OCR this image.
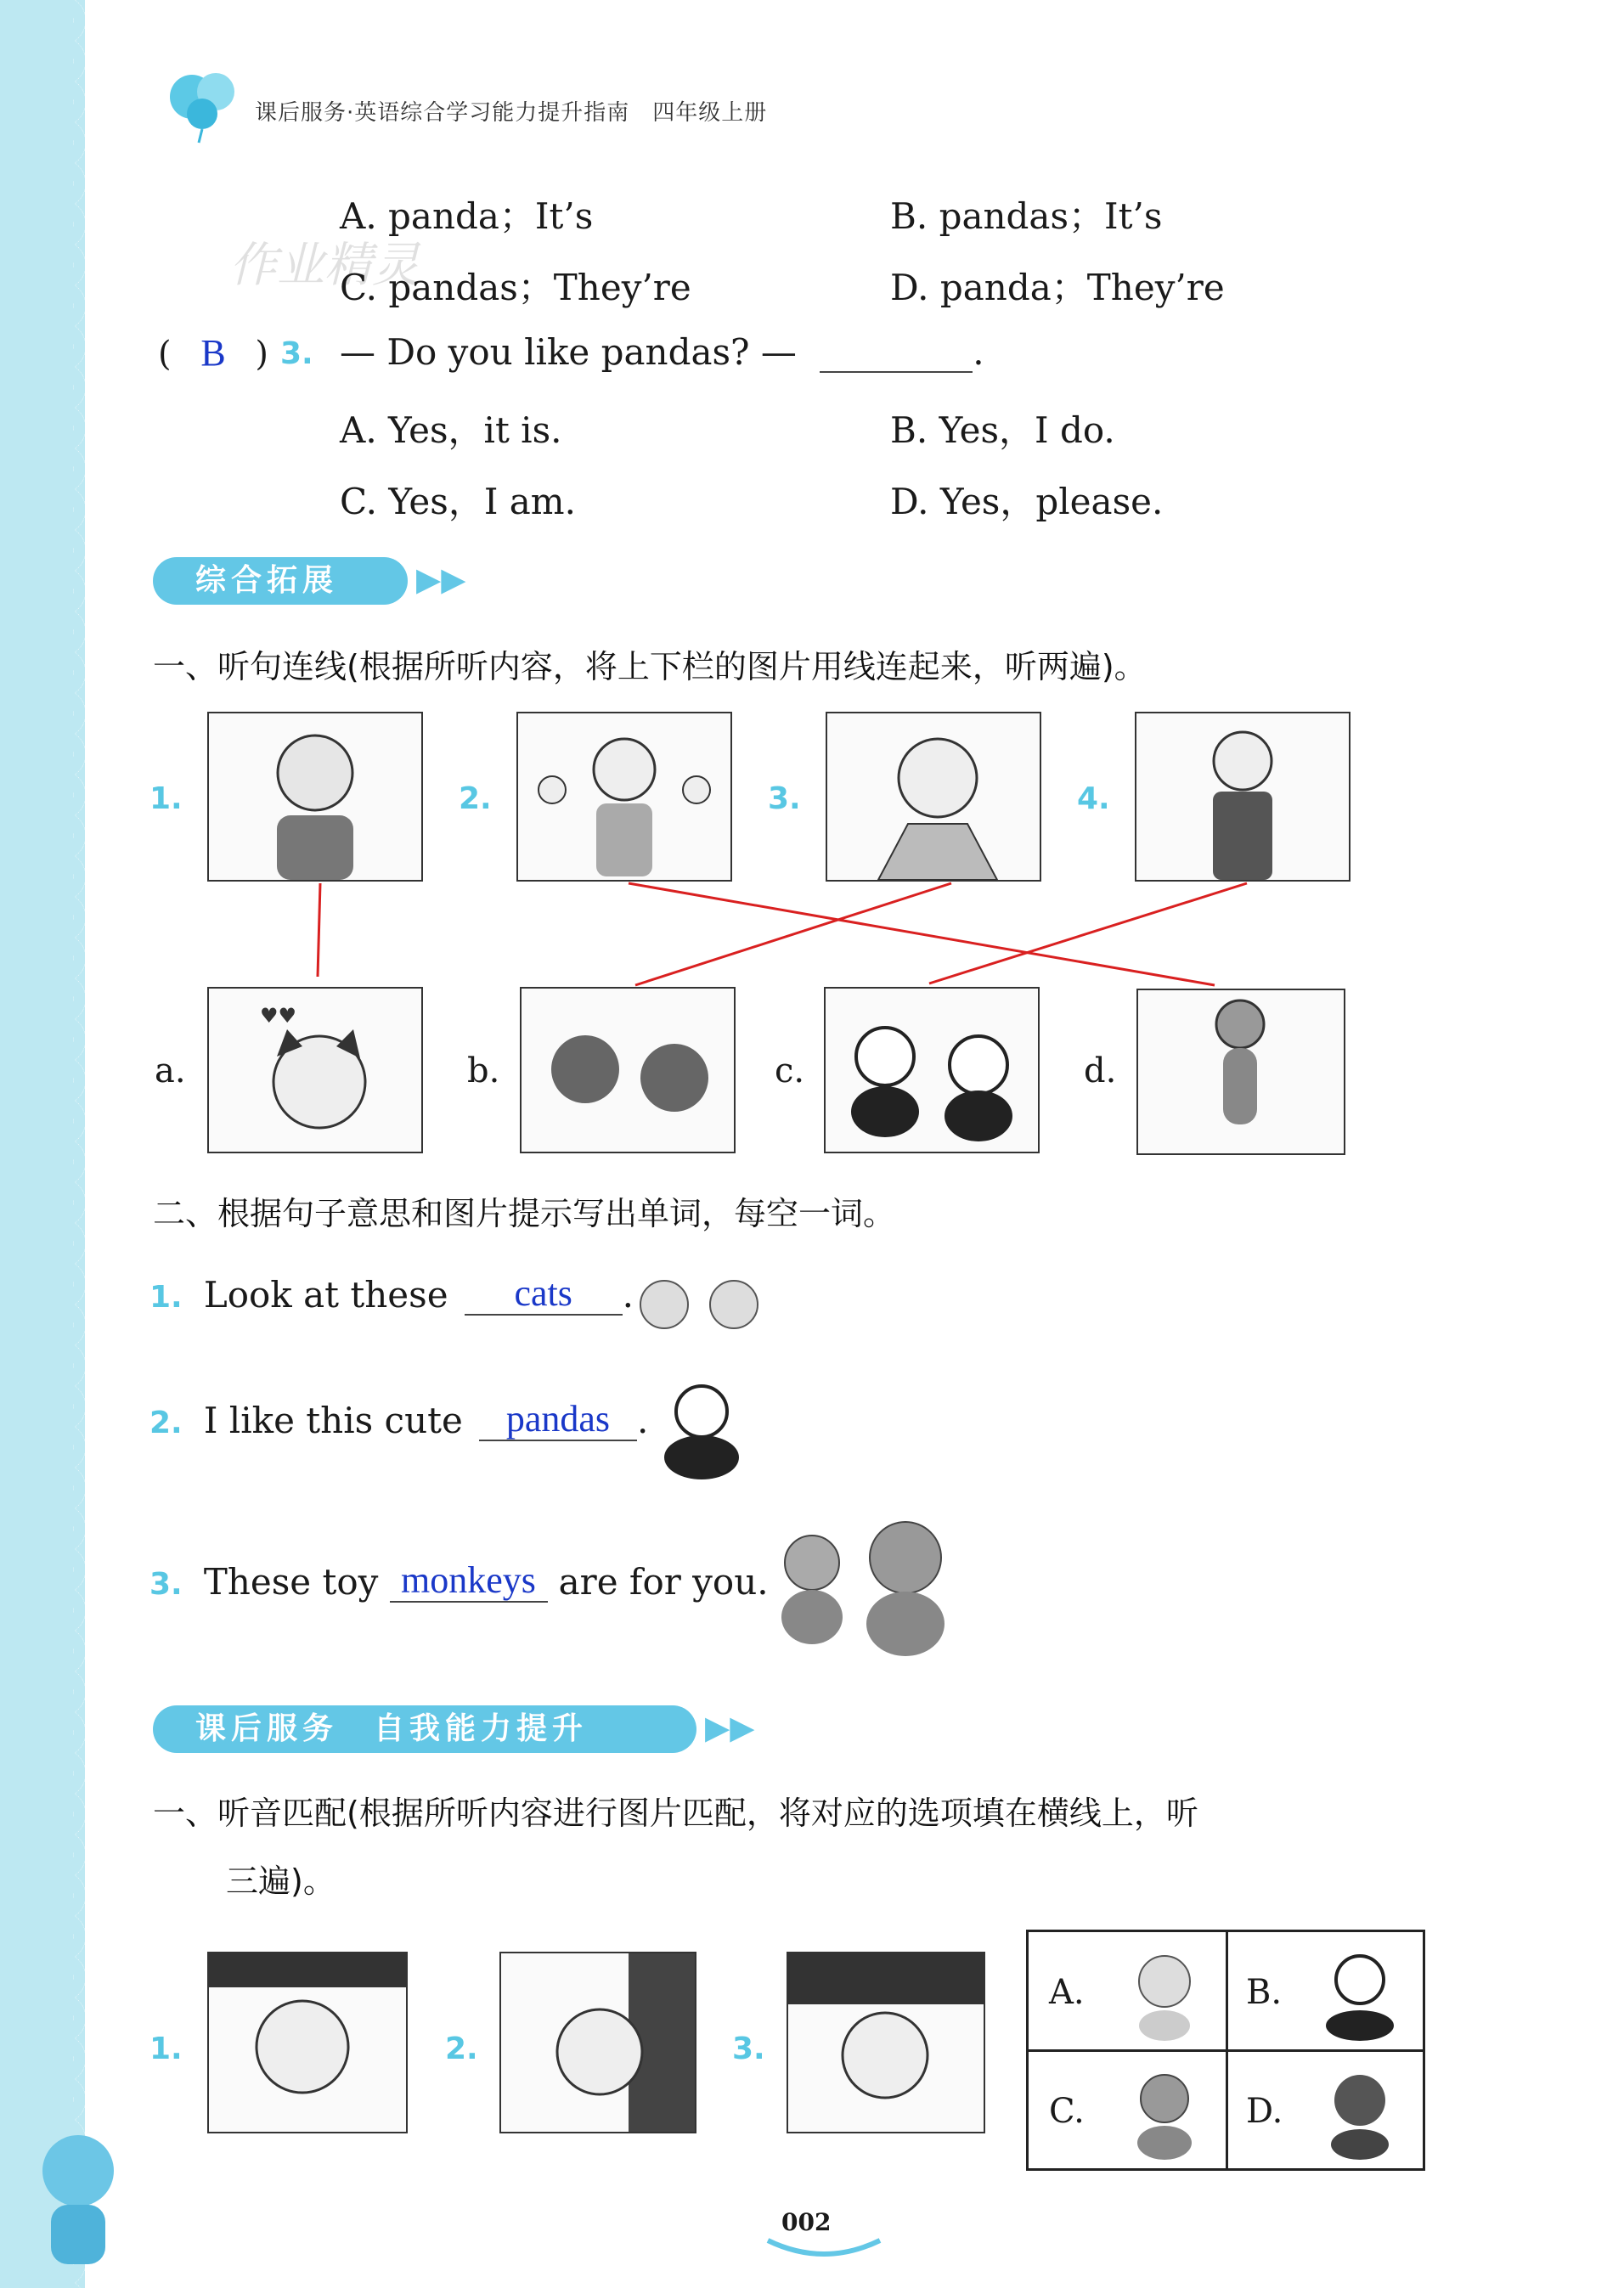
课后服务·英语综合学习能力提升指南　四年级上册
作业精灵
A. panda；It’s	B. pandas；It’s
C. pandas；They’re	D. panda；They’re
( B ) 3. — Do you like pandas? —	.
A. Yes，it is.	B. Yes，I do.
C. Yes，I am.	D. Yes，please.
综合拓展	▶▶
一、听句连线(根据所听内容，将上下栏的图片用线连起来，听两遍)。
1.	2.	3.	4.
a.
♥♥
b.	c.	d.
二、根据句子意思和图片提示写出单词，每空一词。
1. Look at these cats .
2. I like this cute pandas .
3. These toy monkeys are for you.
课后服务　自我能力提升	▶▶
一、听音匹配(根据所听内容进行图片匹配，将对应的选项填在横线上，听
三遍)。
1.	2.	3.
A.	B.
C.	D.
002
